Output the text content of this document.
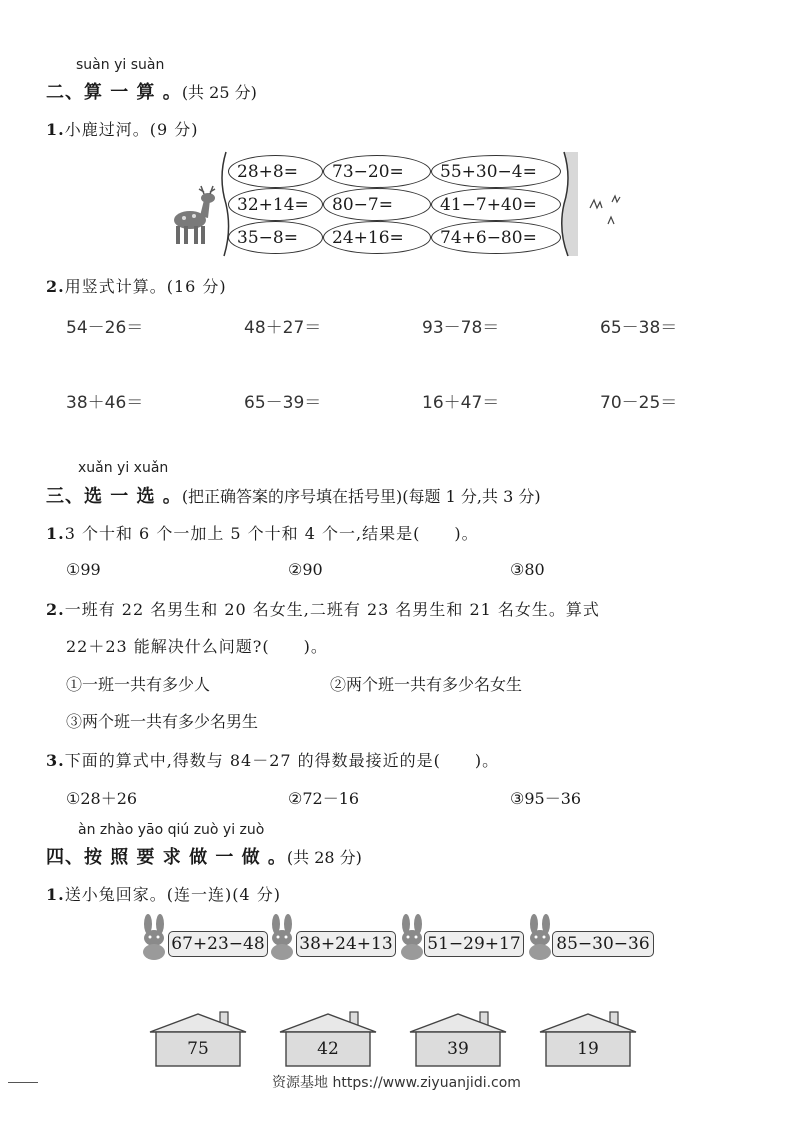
suàn yi suàn
二、算 一 算 。(共 25 分)
1.小鹿过河。(9 分)
28+8=	73−20=	55+30−4=
32+14=	80−7=	41−7+40=
35−8=	24+16=	74+6−80=
2.用竖式计算。(16 分)
54－26＝	48＋27＝	93－78＝	65－38＝
38＋46＝	65－39＝	16＋47＝	70－25＝
xuǎn yi xuǎn
三、选 一 选 。(把正确答案的序号填在括号里)(每题 1 分,共 3 分)
1.3 个十和 6 个一加上 5 个十和 4 个一,结果是(　　)。
①99	②90	③80
2.一班有 22 名男生和 20 名女生,二班有 23 名男生和 21 名女生。算式
22＋23 能解决什么问题?(　　)。
①一班一共有多少人	②两个班一共有多少名女生
③两个班一共有多少名男生
3.下面的算式中,得数与 84－27 的得数最接近的是(　　)。
①28＋26	②72－16	③95－36
àn zhào yāo qiú zuò yi zuò
四、按 照 要 求 做 一 做 。(共 28 分)
1.送小兔回家。(连一连)(4 分)
67+23−48 38+24+13 51−29+17 85−30−36
75	42	39	19
资源基地 https://www.ziyuanjidi.com
